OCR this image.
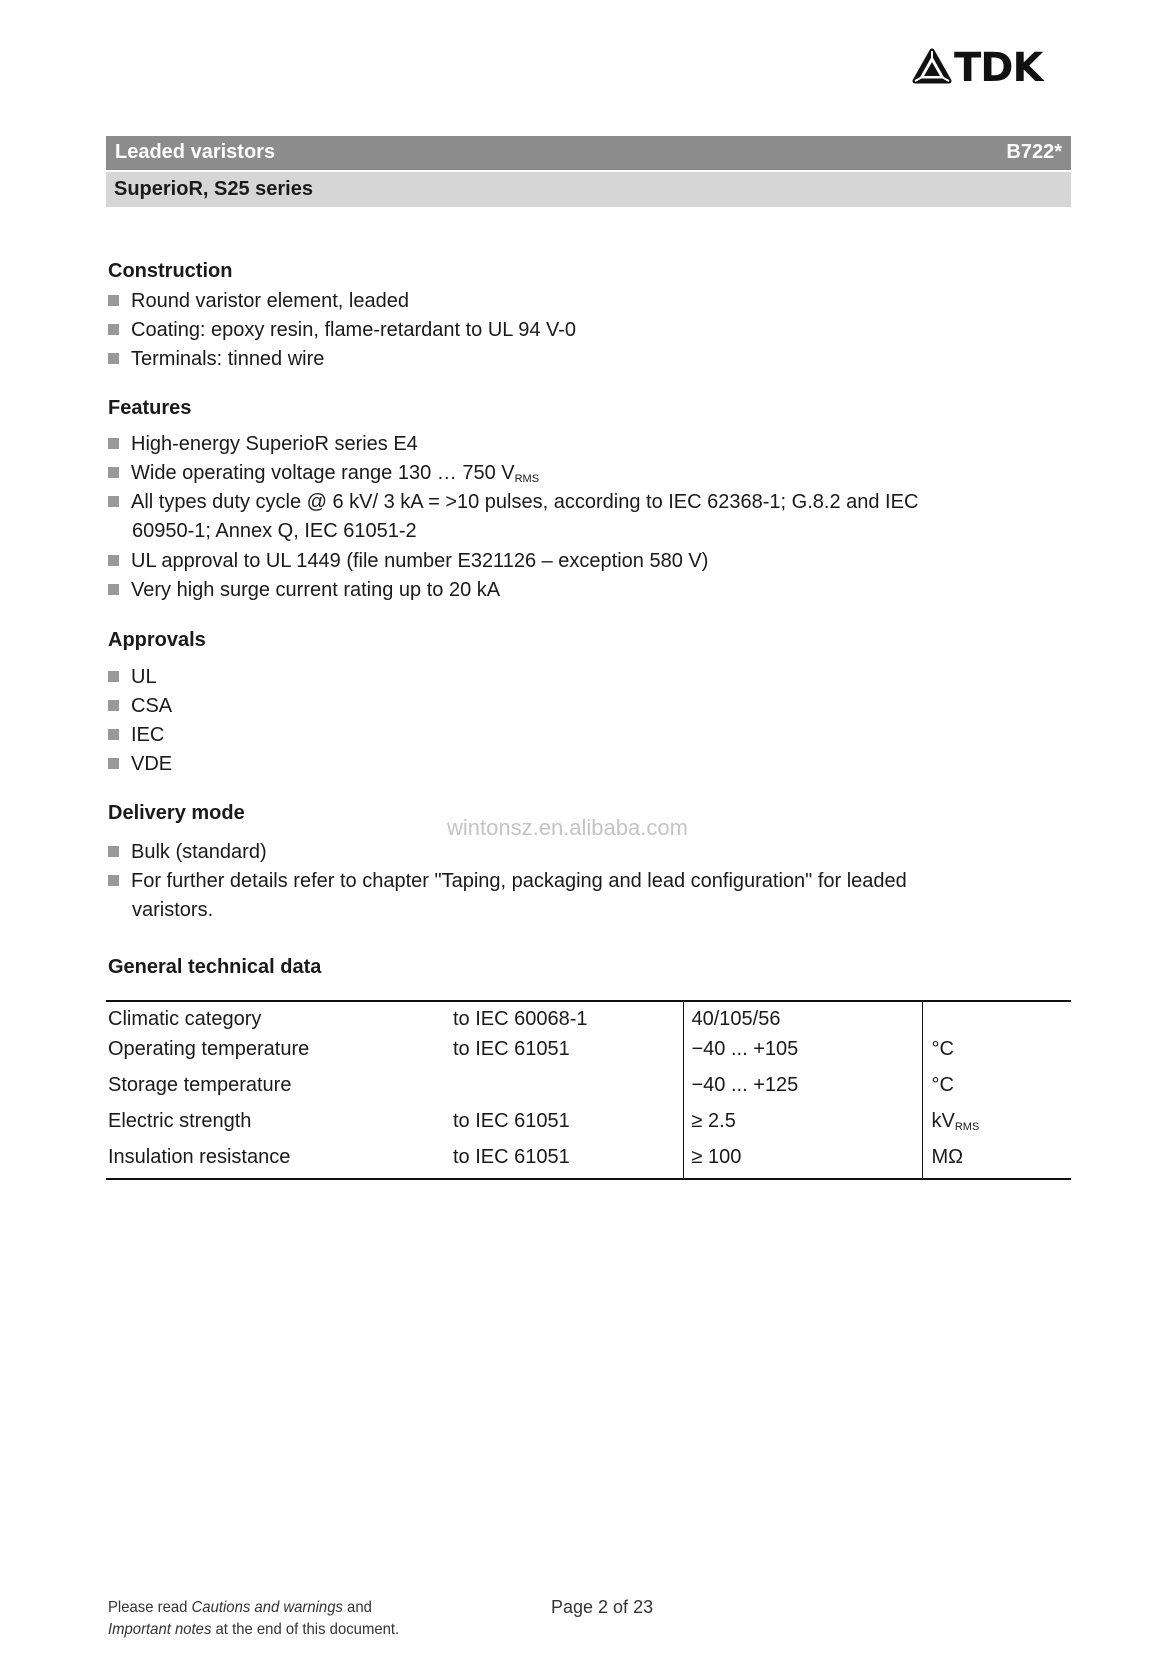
TDK
Leaded varistors	B722*
SuperioR, S25 series
Construction
Round varistor element, leaded
Coating: epoxy resin, flame-retardant to UL 94 V-0
Terminals: tinned wire
Features
High-energy SuperioR series E4
Wide operating voltage range 130 … 750 $V_{RMS}$
All types duty cycle @ 6 kV/ 3 kA = >10 pulses, according to IEC 62368-1; G.8.2 and IEC
60950-1; Annex Q, IEC 61051-2
UL approval to UL 1449 (file number E321126 – exception 580 V)
Very high surge current rating up to 20 kA
Approvals
UL
CSA
IEC
VDE
Delivery mode
wintonsz.en.alibaba.com
Bulk (standard)
For further details refer to chapter "Taping, packaging and lead configuration" for leaded
varistors.
General technical data
Climatic category	to IEC 60068-1	40/105/56	
Operating temperature	to IEC 61051	−40 ... +105	°C
Storage temperature		−40 ... +125	°C
Electric strength	to IEC 61051	≥ 2.5	$kV_{RMS}$
Insulation resistance	to IEC 61051	≥ 100	MΩ
Please read Cautions and warnings and
Important notes at the end of this document.
Page 2 of 23
